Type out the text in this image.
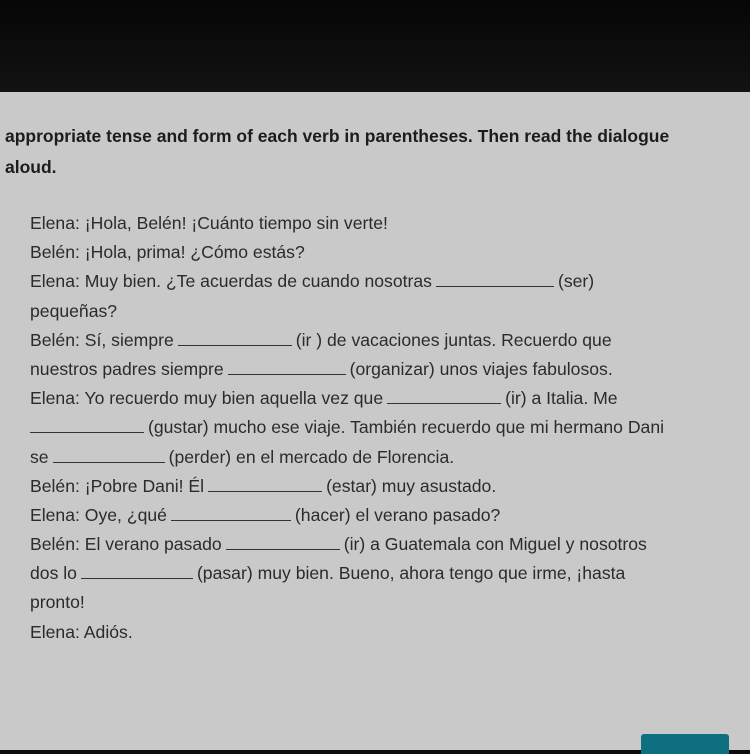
appropriate tense and form of each verb in parentheses. Then read the dialogue
aloud.
Elena: ¡Hola, Belén! ¡Cuánto tiempo sin verte!
Belén: ¡Hola, prima! ¿Cómo estás?
Elena: Muy bien. ¿Te acuerdas de cuando nosotras	(ser)
pequeñas?
Belén: Sí, siempre	(ir ) de vacaciones juntas. Recuerdo que
nuestros padres siempre	(organizar) unos viajes fabulosos.
Elena: Yo recuerdo muy bien aquella vez que	(ir) a Italia. Me
(gustar) mucho ese viaje. También recuerdo que mi hermano Dani
se	(perder) en el mercado de Florencia.
Belén: ¡Pobre Dani! Él	(estar) muy asustado.
Elena: Oye, ¿qué	(hacer) el verano pasado?
Belén: El verano pasado	(ir) a Guatemala con Miguel y nosotros
dos lo	(pasar) muy bien. Bueno, ahora tengo que irme, ¡hasta
pronto!
Elena: Adiós.
